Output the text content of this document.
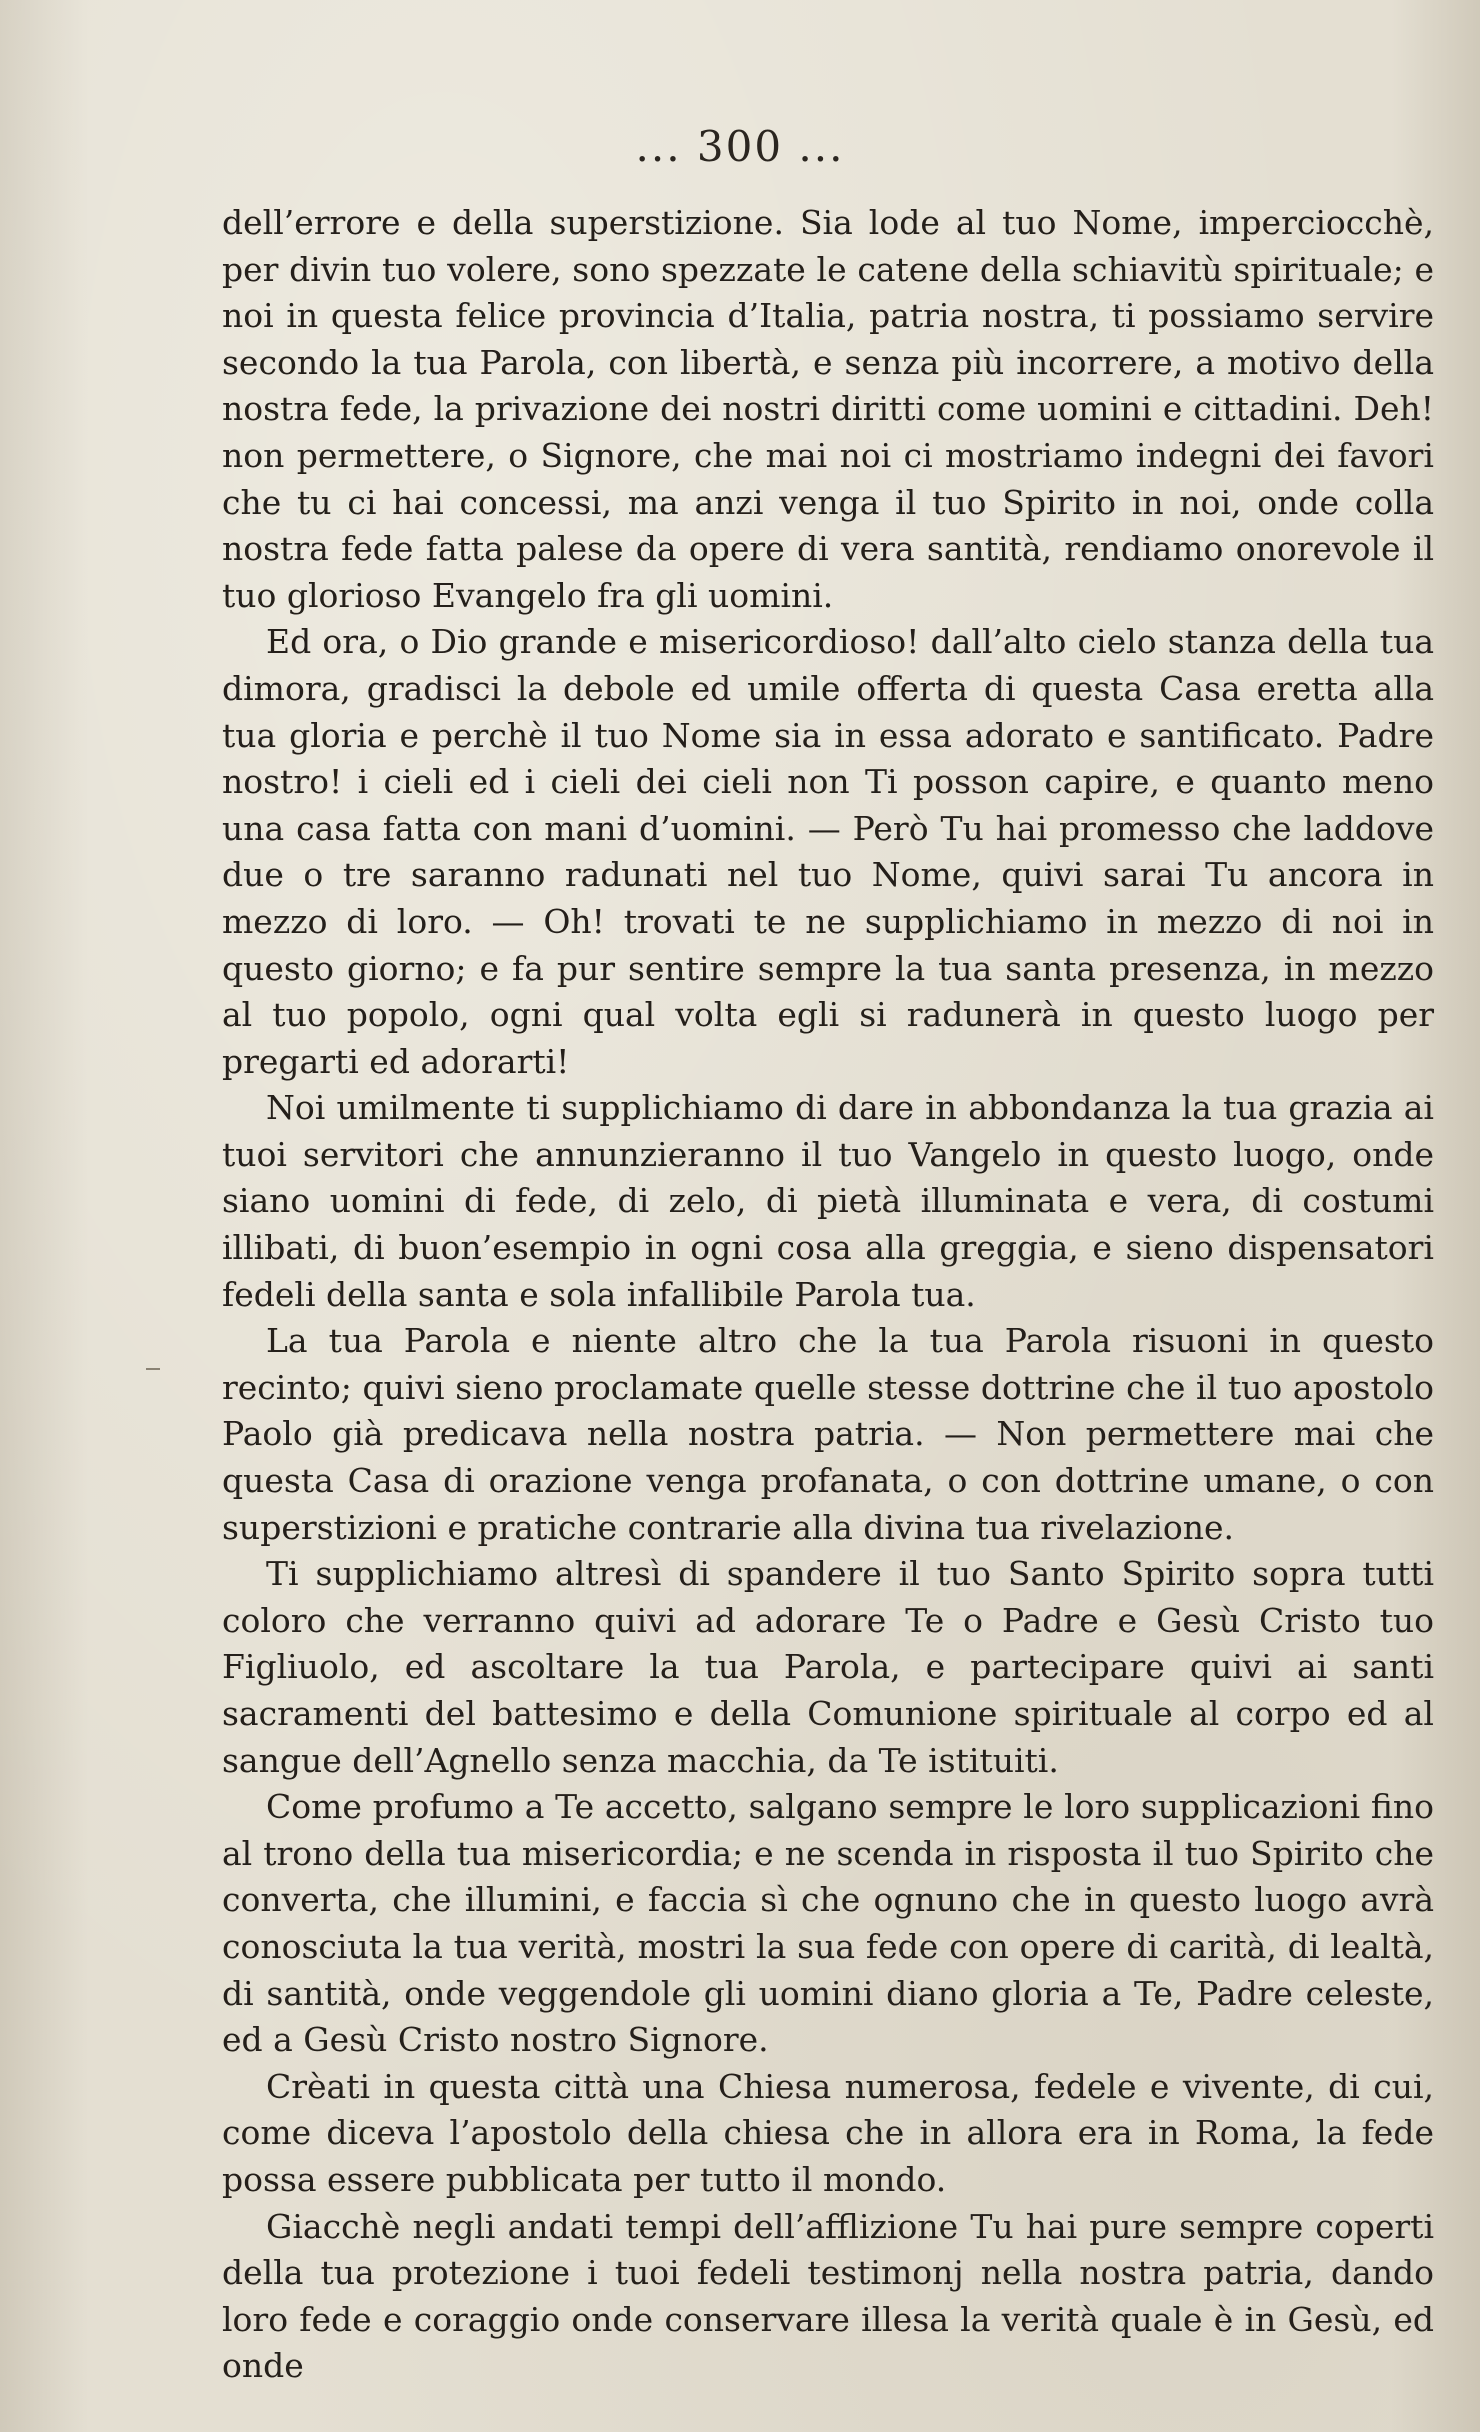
... 300 ...

dell’errore e della superstizione. Sia lode al tuo Nome, imperciocchè, per divin tuo volere, sono spezzate le catene della schiavitù spirituale; e noi in questa felice provincia d’Italia, patria nostra, ti possiamo servire secondo la tua Parola, con libertà, e senza più incorrere, a motivo della nostra fede, la privazione dei nostri diritti come uomini e cittadini. Deh! non permettere, o Signore, che mai noi ci mostriamo indegni dei favori che tu ci hai concessi, ma anzi venga il tuo Spirito in noi, onde colla nostra fede fatta palese da opere di vera santità, rendiamo onorevole il tuo glorioso Evangelo fra gli uomini.

Ed ora, o Dio grande e misericordioso! dall’alto cielo stanza della tua dimora, gradisci la debole ed umile offerta di questa Casa eretta alla tua gloria e perchè il tuo Nome sia in essa adorato e santificato. Padre nostro! i cieli ed i cieli dei cieli non Ti posson capire, e quanto meno una casa fatta con mani d’uomini. — Però Tu hai promesso che laddove due o tre saranno radunati nel tuo Nome, quivi sarai Tu ancora in mezzo di loro. — Oh! trovati te ne supplichiamo in mezzo di noi in questo giorno; e fa pur sentire sempre la tua santa presenza, in mezzo al tuo popolo, ogni qual volta egli si radunerà in questo luogo per pregarti ed adorarti!

Noi umilmente ti supplichiamo di dare in abbondanza la tua grazia ai tuoi servitori che annunzieranno il tuo Vangelo in questo luogo, onde siano uomini di fede, di zelo, di pietà illuminata e vera, di costumi illibati, di buon’esempio in ogni cosa alla greggia, e sieno dispensatori fedeli della santa e sola infallibile Parola tua.

La tua Parola e niente altro che la tua Parola risuoni in questo recinto; quivi sieno proclamate quelle stesse dottrine che il tuo apostolo Paolo già predicava nella nostra patria. — Non permettere mai che questa Casa di orazione venga profanata, o con dottrine umane, o con superstizioni e pratiche contrarie alla divina tua rivelazione.

Ti supplichiamo altresì di spandere il tuo Santo Spirito sopra tutti coloro che verranno quivi ad adorare Te o Padre e Gesù Cristo tuo Figliuolo, ed ascoltare la tua Parola, e partecipare quivi ai santi sacramenti del battesimo e della Comunione spirituale al corpo ed al sangue dell’Agnello senza macchia, da Te istituiti.

Come profumo a Te accetto, salgano sempre le loro supplicazioni fino al trono della tua misericordia; e ne scenda in risposta il tuo Spirito che converta, che illumini, e faccia sì che ognuno che in questo luogo avrà conosciuta la tua verità, mostri la sua fede con opere di carità, di lealtà, di santità, onde veggendole gli uomini diano gloria a Te, Padre celeste, ed a Gesù Cristo nostro Signore.

Crèati in questa città una Chiesa numerosa, fedele e vivente, di cui, come diceva l’apostolo della chiesa che in allora era in Roma, la fede possa essere pubblicata per tutto il mondo.

Giacchè negli andati tempi dell’afflizione Tu hai pure sempre coperti della tua protezione i tuoi fedeli testimonj nella nostra patria, dando loro fede e coraggio onde conservare illesa la verità quale è in Gesù, ed onde
